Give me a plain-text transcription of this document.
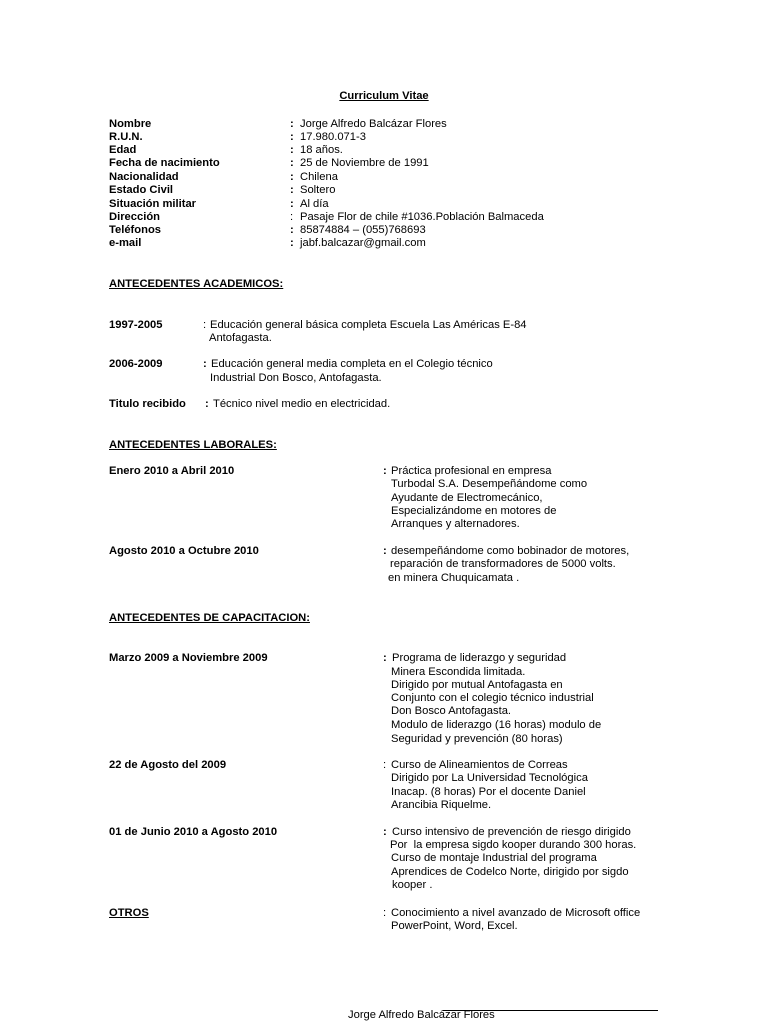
Curriculum Vitae
Nombre	: Jorge Alfredo Balcázar Flores
R.U.N.	: 17.980.071-3
Edad	: 18 años.
Fecha de nacimiento	: 25 de Noviembre de 1991
Nacionalidad	: Chilena
Estado Civil	: Soltero
Situación militar	: Al día
Dirección	: Pasaje Flor de chile #1036.Población Balmaceda
Teléfonos	: 85874884 – (055)768693
e-mail	: jabf.balcazar@gmail.com
ANTECEDENTES ACADEMICOS:
1997-2005	: Educación general básica completa Escuela Las Américas E-84
Antofagasta.
2006-2009	: Educación general media completa en el Colegio técnico
Industrial Don Bosco, Antofagasta.
Titulo recibido : Técnico nivel medio en electricidad.
ANTECEDENTES LABORALES:
Enero 2010 a Abril 2010	: Práctica profesional en empresa
Turbodal S.A. Desempeñándome como
Ayudante de Electromecánico,
Especializándome en motores de
Arranques y alternadores.
Agosto 2010 a Octubre 2010	: desempeñándome como bobinador de motores,
reparación de transformadores de 5000 volts.
en minera Chuquicamata .
ANTECEDENTES DE CAPACITACION:
Marzo 2009 a Noviembre 2009	: Programa de liderazgo y seguridad
Minera Escondida limitada.
Dirigido por mutual Antofagasta en
Conjunto con el colegio técnico industrial
Don Bosco Antofagasta.
Modulo de liderazgo (16 horas) modulo de
Seguridad y prevención (80 horas)
22 de Agosto del 2009	: Curso de Alineamientos de Correas
Dirigido por La Universidad Tecnológica
Inacap. (8 horas) Por el docente Daniel
Arancibia Riquelme.
01 de Junio 2010 a Agosto 2010	: Curso intensivo de prevención de riesgo dirigido
Por  la empresa sigdo kooper durando 300 horas.
Curso de montaje Industrial del programa
Aprendices de Codelco Norte, dirigido por sigdo
kooper .
OTROS	: Conocimiento a nivel avanzado de Microsoft office
PowerPoint, Word, Excel.
Jorge Alfredo Balcázar Flores
